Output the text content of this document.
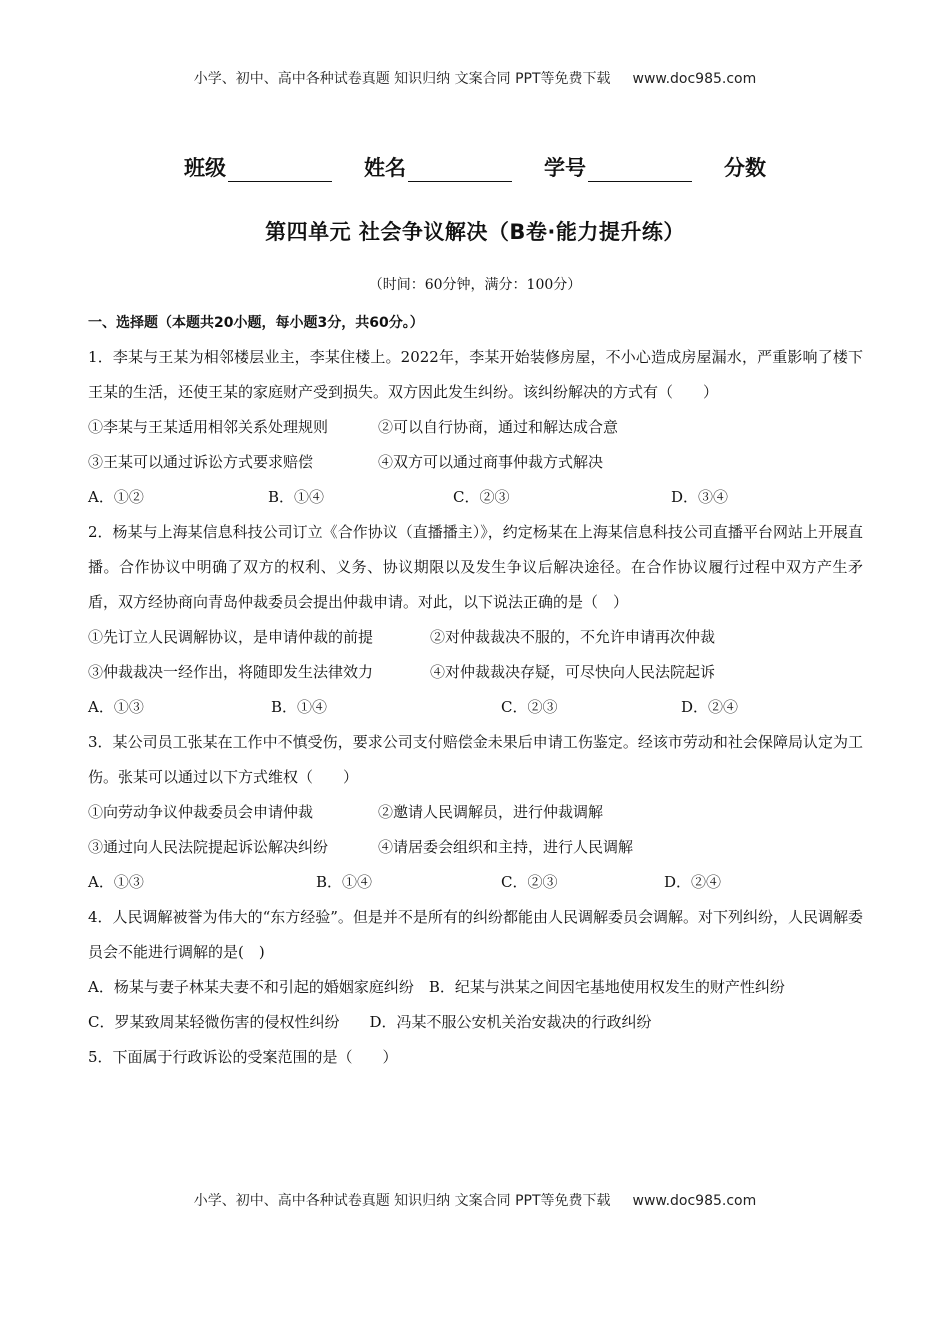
小学、初中、高中各种试卷真题 知识归纳 文案合同 PPT等免费下载 www.doc985.com
班级	姓名	学号	分数
第四单元 社会争议解决（B卷·能力提升练）
（时间：60分钟，满分：100分）
一、选择题（本题共20小题，每小题3分，共60分。）
1．李某与王某为相邻楼层业主，李某住楼上。2022年，李某开始装修房屋，不小心造成房屋漏水，严重影响了楼下王某的生活，还使王某的家庭财产受到损失。双方因此发生纠纷。该纠纷解决的方式有（　　）
①李某与王某适用相邻关系处理规则	②可以自行协商，通过和解达成合意
③王某可以通过诉讼方式要求赔偿	④双方可以通过商事仲裁方式解决
A．①②	B．①④	C．②③	D．③④
2．杨某与上海某信息科技公司订立《合作协议（直播播主）》，约定杨某在上海某信息科技公司直播平台网站上开展直播。合作协议中明确了双方的权利、义务、协议期限以及发生争议后解决途径。在合作协议履行过程中双方产生矛盾，双方经协商向青岛仲裁委员会提出仲裁申请。对此，以下说法正确的是（　）
①先订立人民调解协议，是申请仲裁的前提	②对仲裁裁决不服的，不允许申请再次仲裁
③仲裁裁决一经作出，将随即发生法律效力	④对仲裁裁决存疑，可尽快向人民法院起诉
A．①③	B．①④	C．②③	D．②④
3．某公司员工张某在工作中不慎受伤，要求公司支付赔偿金未果后申请工伤鉴定。经该市劳动和社会保障局认定为工伤。张某可以通过以下方式维权（　　）
①向劳动争议仲裁委员会申请仲裁	②邀请人民调解员，进行仲裁调解
③通过向人民法院提起诉讼解决纠纷	④请居委会组织和主持，进行人民调解
A．①③	B．①④	C．②③	D．②④
4．人民调解被誉为伟大的“东方经验”。但是并不是所有的纠纷都能由人民调解委员会调解。对下列纠纷，人民调解委员会不能进行调解的是(　)
A．杨某与妻子林某夫妻不和引起的婚姻家庭纠纷  B．纪某与洪某之间因宅基地使用权发生的财产性纠纷
C．罗某致周某轻微伤害的侵权性纠纷   D．冯某不服公安机关治安裁决的行政纠纷
5．下面属于行政诉讼的受案范围的是（　　）
小学、初中、高中各种试卷真题 知识归纳 文案合同 PPT等免费下载 www.doc985.com
